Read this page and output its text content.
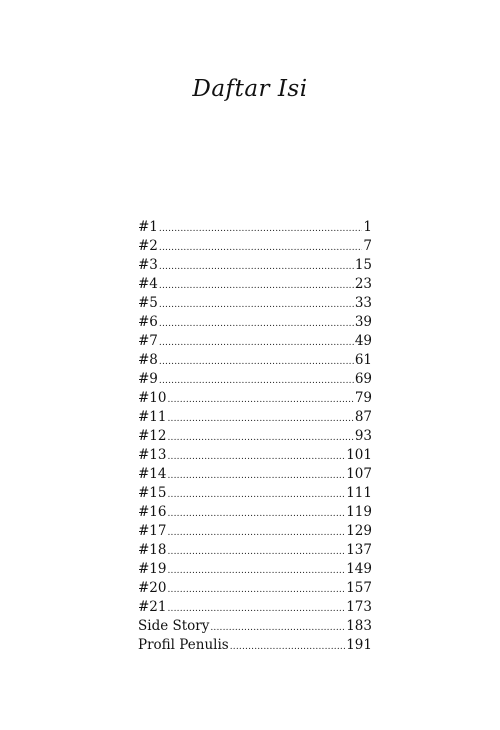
Daftar Isi
#1 .....	1
#2 .....	7
#3 .....	15
#4 .....	23
#5 .....	33
#6 .....	39
#7 .....	49
#8 .....	61
#9 .....	69
#10 .....	79
#11 .....	87
#12 .....	93
#13 .....	101
#14 .....	107
#15 .....	111
#16 .....	119
#17 .....	129
#18 .....	137
#19 .....	149
#20 .....	157
#21 .....	173
Side Story .....	183
Profil Penulis .....	191
